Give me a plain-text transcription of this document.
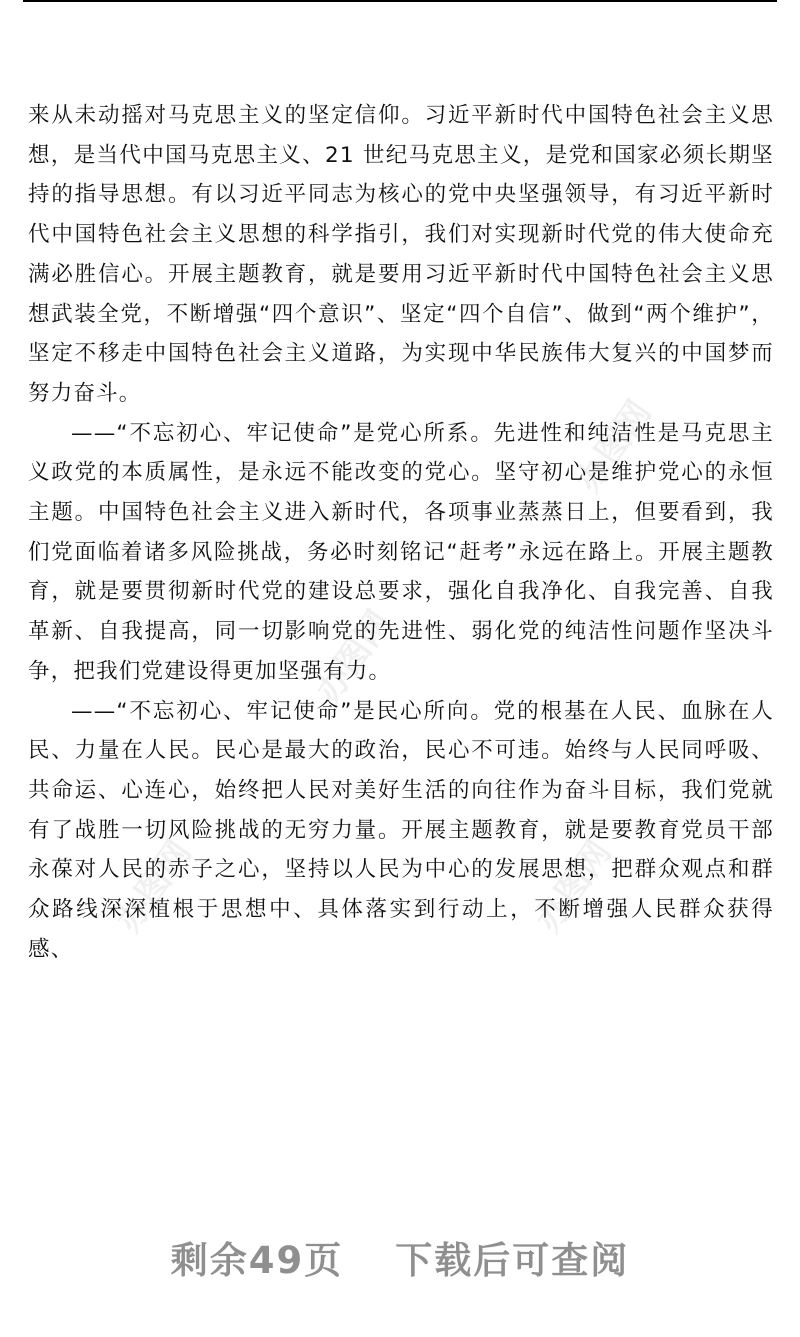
办图网
办图网
办图网	办图网

来从未动摇对马克思主义的坚定信仰。习近平新时代中国特色社会主义思想，是当代中国马克思主义、21 世纪马克思主义，是党和国家必须长期坚持的指导思想。有以习近平同志为核心的党中央坚强领导，有习近平新时代中国特色社会主义思想的科学指引，我们对实现新时代党的伟大使命充满必胜信心。开展主题教育，就是要用习近平新时代中国特色社会主义思想武装全党，不断增强“四个意识”、坚定“四个自信”、做到“两个维护”，坚定不移走中国特色社会主义道路，为实现中华民族伟大复兴的中国梦而努力奋斗。

——“不忘初心、牢记使命”是党心所系。先进性和纯洁性是马克思主义政党的本质属性，是永远不能改变的党心。坚守初心是维护党心的永恒主题。中国特色社会主义进入新时代，各项事业蒸蒸日上，但要看到，我们党面临着诸多风险挑战，务必时刻铭记“赶考”永远在路上。开展主题教育，就是要贯彻新时代党的建设总要求，强化自我净化、自我完善、自我革新、自我提高，同一切影响党的先进性、弱化党的纯洁性问题作坚决斗争，把我们党建设得更加坚强有力。

——“不忘初心、牢记使命”是民心所向。党的根基在人民、血脉在人民、力量在人民。民心是最大的政治，民心不可违。始终与人民同呼吸、共命运、心连心，始终把人民对美好生活的向往作为奋斗目标，我们党就有了战胜一切风险挑战的无穷力量。开展主题教育，就是要教育党员干部永葆对人民的赤子之心，坚持以人民为中心的发展思想，把群众观点和群众路线深深植根于思想中、具体落实到行动上，不断增强人民群众获得感、

剩余49页 下载后可查阅
